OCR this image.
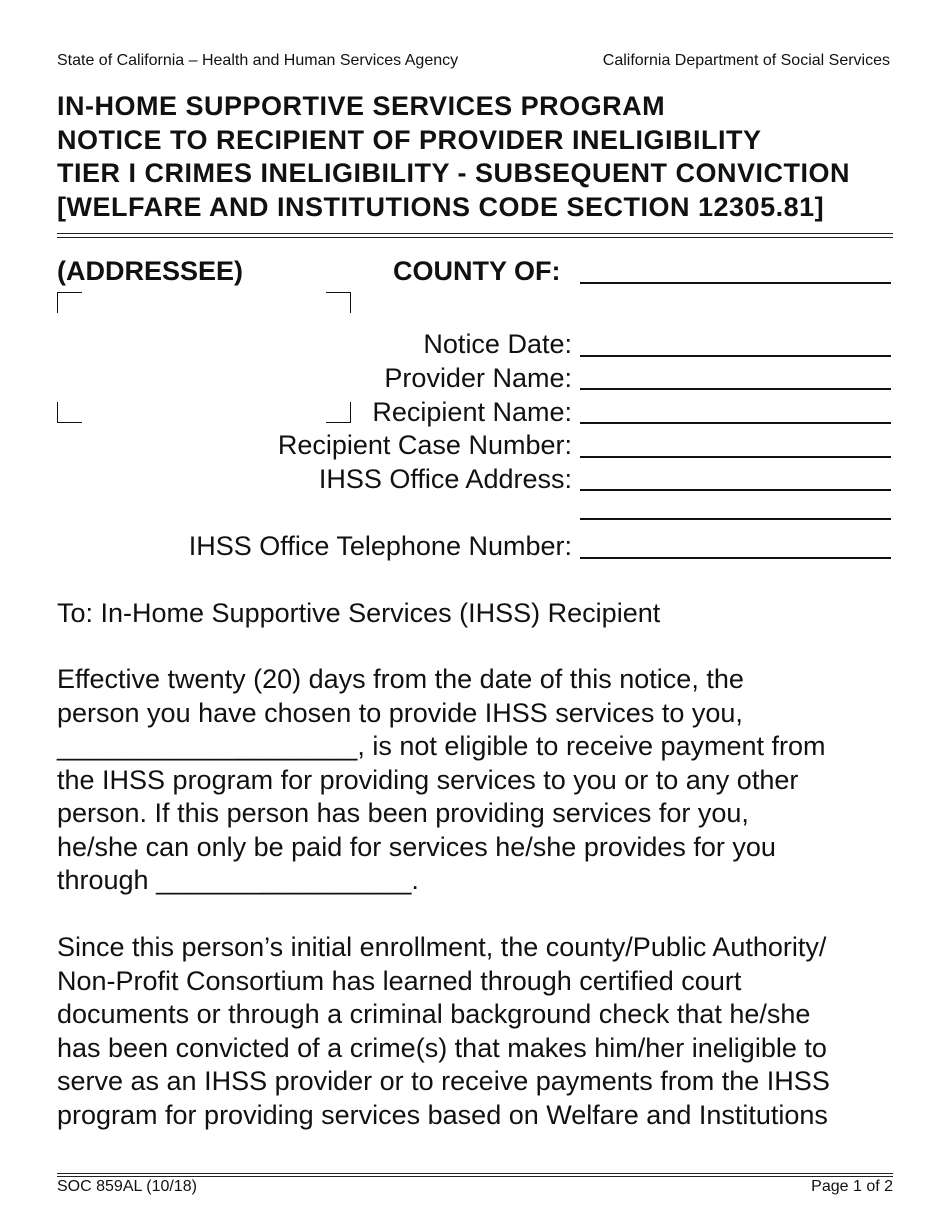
State of California – Health and Human Services Agency	California Department of Social Services
IN-HOME SUPPORTIVE SERVICES PROGRAM
NOTICE TO RECIPIENT OF PROVIDER INELIGIBILITY
TIER I CRIMES INELIGIBILITY - SUBSEQUENT CONVICTION
[WELFARE AND INSTITUTIONS CODE SECTION 12305.81]
(ADDRESSEE)	COUNTY OF:
Notice Date:
Provider Name:
Recipient Name:
Recipient Case Number:
IHSS Office Address:
IHSS Office Telephone Number:
To: In-Home Supportive Services (IHSS) Recipient
Effective twenty (20) days from the date of this notice, the
person you have chosen to provide IHSS services to you,
____________________, is not eligible to receive payment from
the IHSS program for providing services to you or to any other
person. If this person has been providing services for you,
he/she can only be paid for services he/she provides for you
through _________________.
Since this person’s initial enrollment, the county/Public Authority/
Non-Profit Consortium has learned through certified court
documents or through a criminal background check that he/she
has been convicted of a crime(s) that makes him/her ineligible to
serve as an IHSS provider or to receive payments from the IHSS
program for providing services based on Welfare and Institutions
SOC 859AL (10/18)	Page 1 of 2
